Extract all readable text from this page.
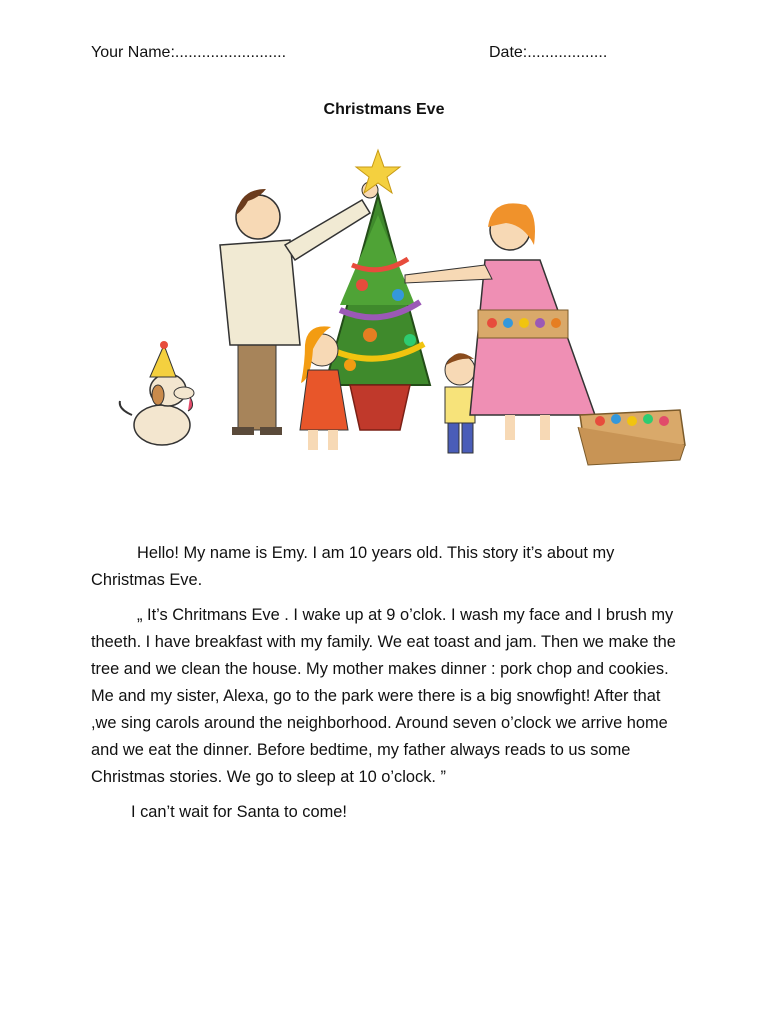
Your Name:.........................	Date:..................
Christmans Eve

Hello! My name is Emy. I am 10 years old. This story it’s about my Christmas Eve.

„ It’s Chritmans Eve . I wake up at 9 o’clok. I wash my face and I brush my theeth. I have breakfast with my family. We eat toast and jam. Then we make the tree and we clean the house. My mother makes dinner : pork chop and cookies. Me and my sister, Alexa, go to the park were there is a big snowfight! After that ,we sing carols around the neighborhood. Around seven o’clock we arrive home and we eat the dinner. Before bedtime, my father always reads to us some Christmas stories. We go to sleep at 10 o’clock. ”

I can’t wait for Santa to come!
